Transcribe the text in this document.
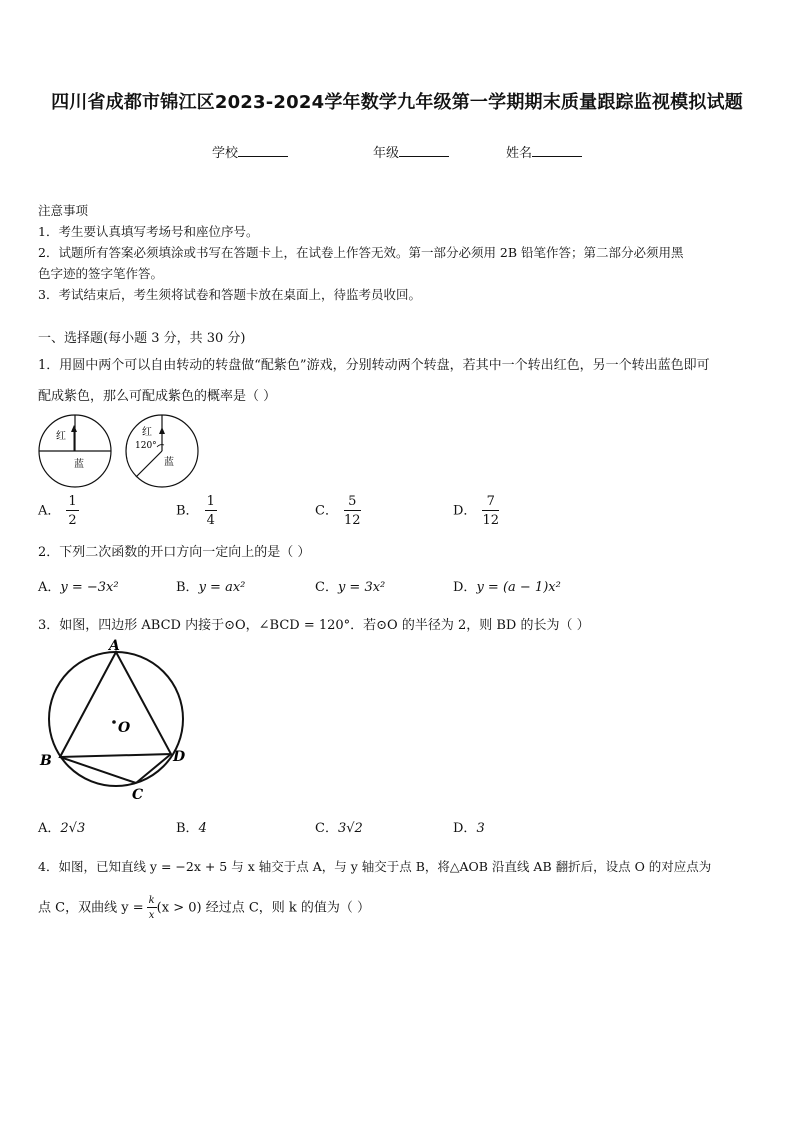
四川省成都市锦江区2023-2024学年数学九年级第一学期期末质量跟踪监视模拟试题
学校	年级	姓名
注意事项
1．考生要认真填写考场号和座位序号。
2．试题所有答案必须填涂或书写在答题卡上，在试卷上作答无效。第一部分必须用 2B 铅笔作答；第二部分必须用黑
色字迹的签字笔作答。
3．考试结束后，考生须将试卷和答题卡放在桌面上，待监考员收回。
一、选择题(每小题 3 分，共 30 分)
1．用圆中两个可以自由转动的转盘做“配紫色”游戏，分别转动两个转盘，若其中一个转出红色，另一个转出蓝色即可
配成紫色，那么可配成紫色的概率是（ ）
红
蓝
红
120°
蓝
A． $\frac{1}{2}$	B． $\frac{1}{4}$	C． $\frac{5}{12}$	D． $\frac{7}{12}$
2．下列二次函数的开口方向一定向上的是（ ）
A．y = −3x²	B．y = ax²	C．y = 3x²	D．y = (a − 1)x²
3．如图，四边形 ABCD 内接于⊙O，∠BCD = 120°．若⊙O 的半径为 2，则 BD 的长为（ ）
A
B
C
D
O
A．2√3	B．4	C．3√2	D．3
4．如图，已知直线 y = −2x + 5 与 x 轴交于点 A，与 y 轴交于点 B，将△AOB 沿直线 AB 翻折后，设点 O 的对应点为
点 C，双曲线 $y = \frac{k}{x} (x > 0)$ 经过点 C，则 k 的值为（ ）
